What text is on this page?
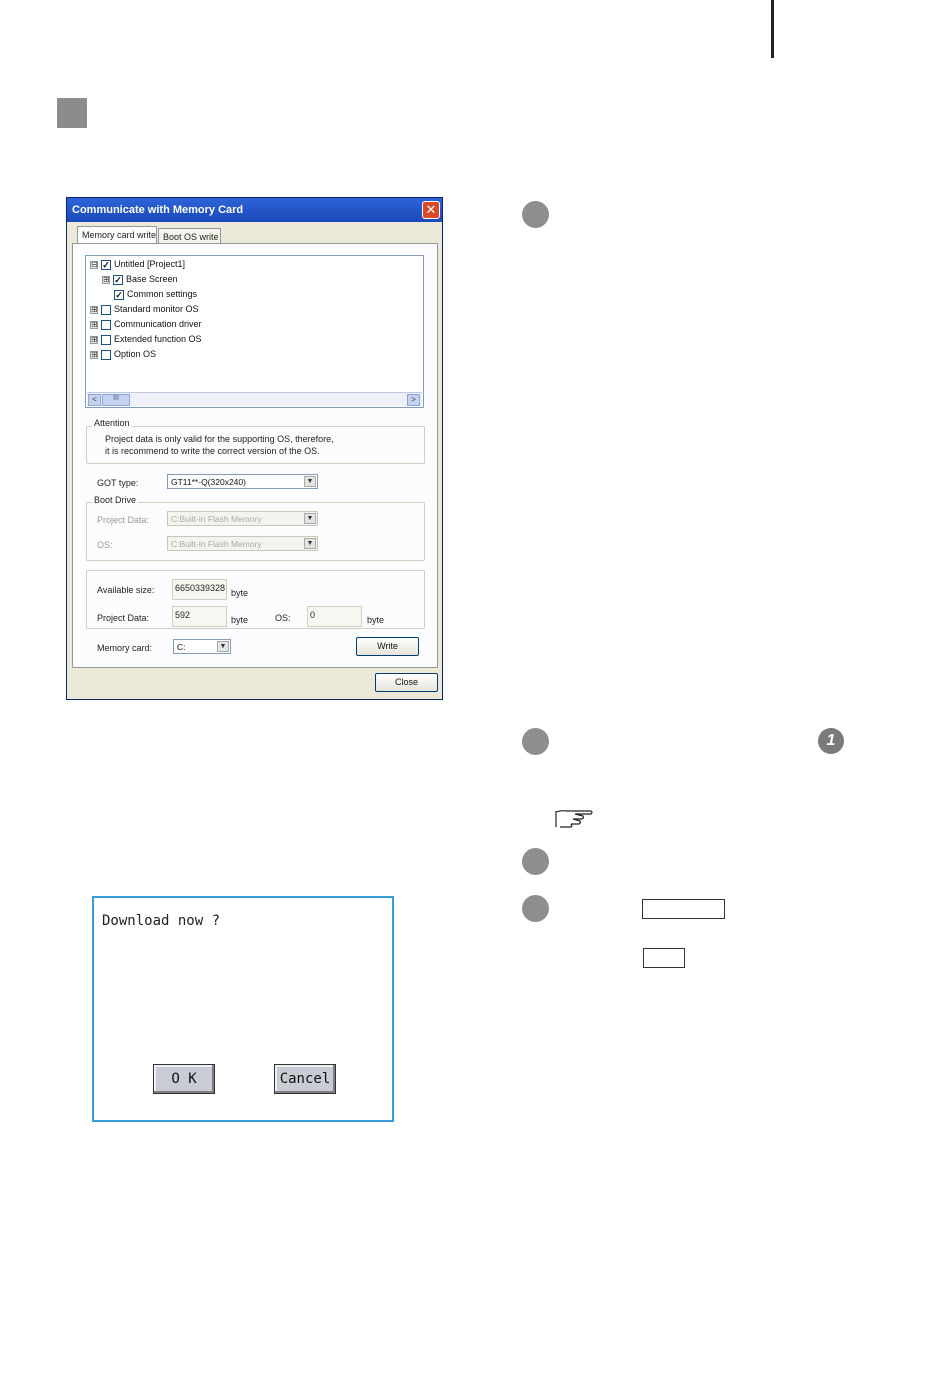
Communicate with Memory Card	✕
Memory card write Boot OS write
⊟ ✓ Untitled [Project1]
⊞ ✓ Base Screen
✓ Common settings
⊞ Standard monitor OS
⊞ Communication driver
⊞ Extended function OS
⊞ Option OS
<	III	>
Attention
Project data is only valid for the supporting OS, therefore,
it is recommend to write the correct version of the OS.
GOT type:	GT11**-Q(320x240)	▼
Boot Drive
Project Data:	C:Built-in Flash Memory	▼
OS:	C:Built-in Flash Memory	▼
Available size:	6650339328 byte
Project Data:	592	byte	OS:	0	byte
Memory card:	C:	▼	Write
Close
Download now ?
O K	Cancel
1
